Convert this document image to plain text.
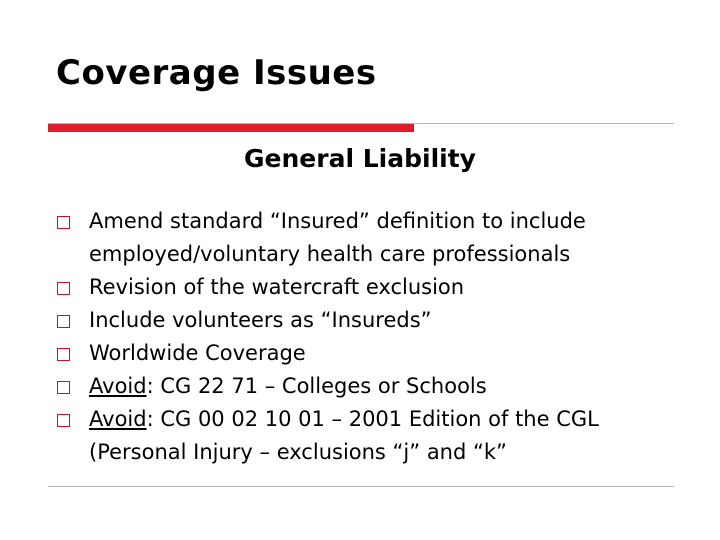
Coverage Issues
General Liability
Amend standard “Insured” definition to include employed/voluntary health care professionals
Revision of the watercraft exclusion
Include volunteers as “Insureds”
Worldwide Coverage
Avoid: CG 22 71 – Colleges or Schools
Avoid: CG 00 02 10 01 – 2001 Edition of the CGL (Personal Injury – exclusions “j” and “k”
